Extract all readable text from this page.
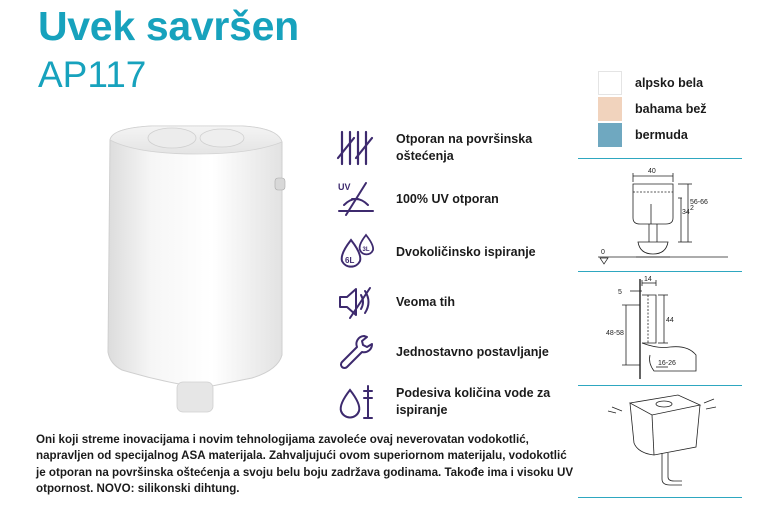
Uvek savršen
AP117
Otporan na površinska oštećenja
UV
100% UV otporan
6L
3L Dvokoličinsko ispiranje
Veoma tih
Jednostavno postavljanje
Podesiva količina vode za ispiranje
Oni koji streme inovacijama i novim tehnologijama zavoleće ovaj neverovatan vodokotlić, napravljen od specijalnog ASA materijala. Zahvaljujući ovom superiornom materijalu, vodokotlić je otporan na površinska oštećenja a svoju belu boju zadržava godinama. Takođe ima i visoku UV otpornost. NOVO: silikonski dihtung.
alpsko bela
bahama bež
bermuda
40
56-66
34
2
0
14
5
48-58
44
16-26
